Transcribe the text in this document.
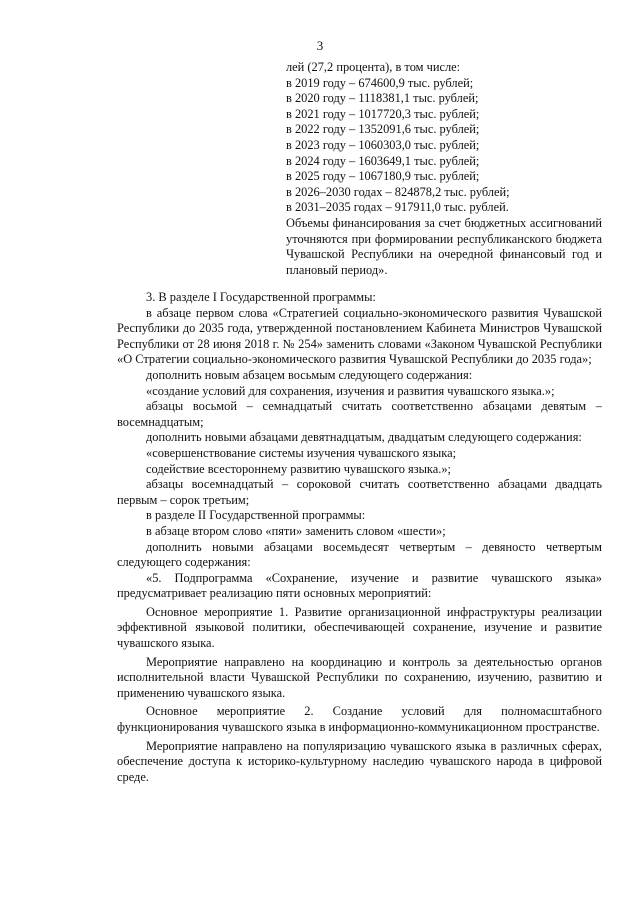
3
лей (27,2 процента), в том числе:
в 2019 году – 674600,9 тыс. рублей;
в 2020 году – 1118381,1 тыс. рублей;
в 2021 году – 1017720,3 тыс. рублей;
в 2022 году – 1352091,6 тыс. рублей;
в 2023 году – 1060303,0 тыс. рублей;
в 2024 году – 1603649,1 тыс. рублей;
в 2025 году – 1067180,9 тыс. рублей;
в 2026–2030 годах – 824878,2 тыс. рублей;
в 2031–2035 годах – 917911,0 тыс. рублей.
Объемы финансирования за счет бюджетных ассигнований уточняются при формировании республиканского бюджета Чувашской Республики на очередной финансовый год и плановый период».

3. В разделе I Государственной программы:

в абзаце первом слова «Стратегией социально-экономического развития Чувашской Республики до 2035 года, утвержденной постановлением Кабинета Министров Чувашской Республики от 28 июня 2018 г. № 254» заменить словами «Законом Чувашской Республики «О Стратегии социально-экономического развития Чувашской Республики до 2035 года»;

дополнить новым абзацем восьмым следующего содержания:

«создание условий для сохранения, изучения и развития чувашского языка.»;

абзацы восьмой – семнадцатый считать соответственно абзацами девятым – восемнадцатым;

дополнить новыми абзацами девятнадцатым, двадцатым следующего содержания:

«совершенствование системы изучения чувашского языка;

содействие всестороннему развитию чувашского языка.»;

абзацы восемнадцатый – сороковой считать соответственно абзацами двадцать первым – сорок третьим;

в разделе II Государственной программы:

в абзаце втором слово «пяти» заменить словом «шести»;

дополнить новыми абзацами восемьдесят четвертым – девяносто четвертым следующего содержания:

«5. Подпрограмма «Сохранение, изучение и развитие чувашского языка» предусматривает реализацию пяти основных мероприятий:

Основное мероприятие 1. Развитие организационной инфраструктуры реализации эффективной языковой политики, обеспечивающей сохранение, изучение и развитие чувашского языка.

Мероприятие направлено на координацию и контроль за деятельностью органов исполнительной власти Чувашской Республики по сохранению, изучению, развитию и применению чувашского языка.

Основное мероприятие 2. Создание условий для полномасштабного функционирования чувашского языка в информационно-коммуникационном пространстве.

Мероприятие направлено на популяризацию чувашского языка в различных сферах, обеспечение доступа к историко-культурному наследию чувашского народа в цифровой среде.
